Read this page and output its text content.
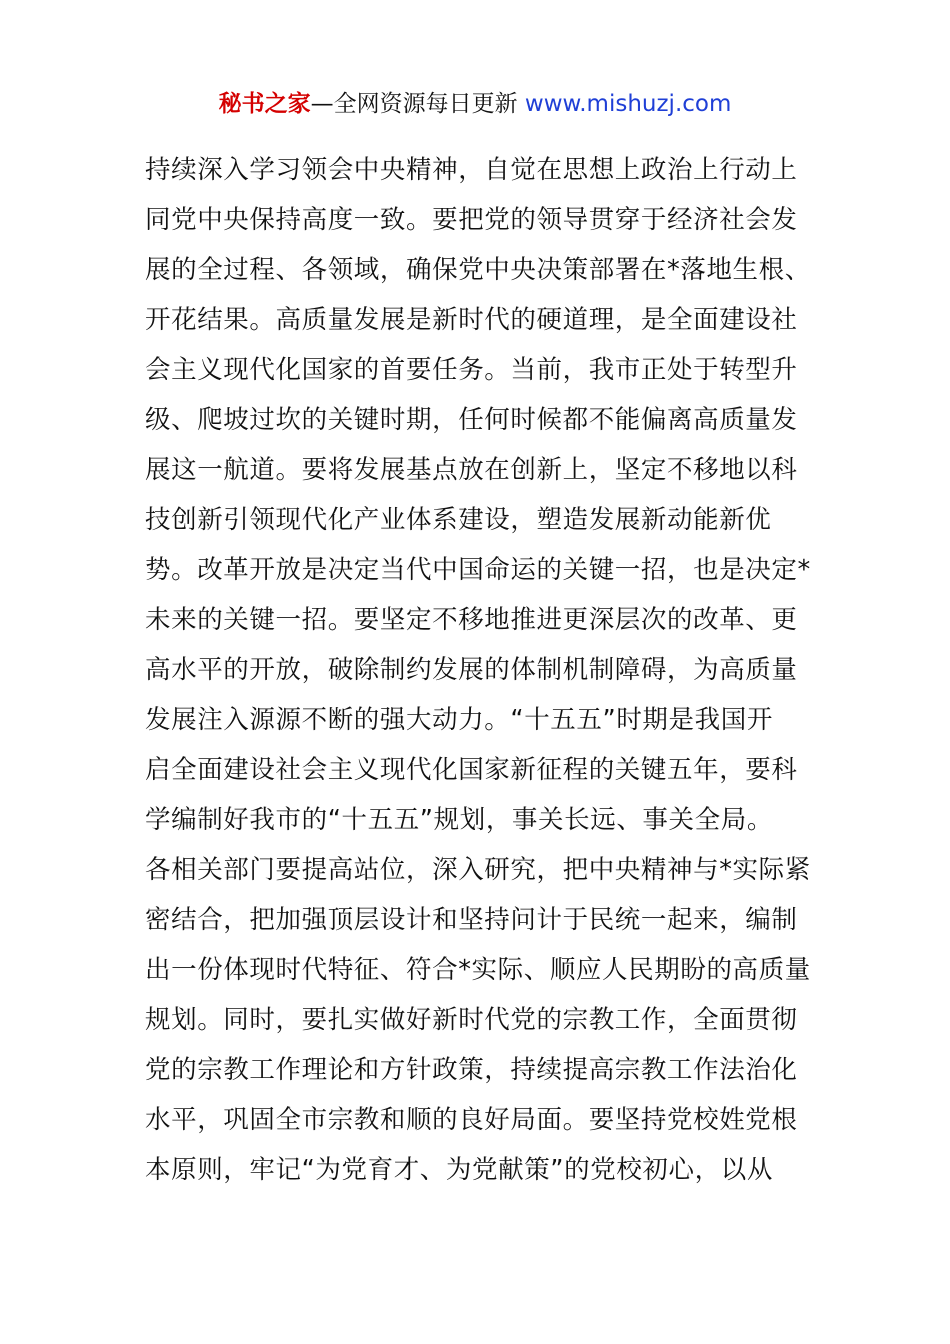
秘书之家—全网资源每日更新 www.mishuzj.com
持续深入学习领会中央精神，自觉在思想上政治上行动上
同党中央保持高度一致。要把党的领导贯穿于经济社会发
展的全过程、各领域，确保党中央决策部署在*落地生根、
开花结果。高质量发展是新时代的硬道理，是全面建设社
会主义现代化国家的首要任务。当前，我市正处于转型升
级、爬坡过坎的关键时期，任何时候都不能偏离高质量发
展这一航道。要将发展基点放在创新上，坚定不移地以科
技创新引领现代化产业体系建设，塑造发展新动能新优
势。改革开放是决定当代中国命运的关键一招，也是决定*
未来的关键一招。要坚定不移地推进更深层次的改革、更
高水平的开放，破除制约发展的体制机制障碍，为高质量
发展注入源源不断的强大动力。“十五五”时期是我国开
启全面建设社会主义现代化国家新征程的关键五年，要科
学编制好我市的“十五五”规划，事关长远、事关全局。
各相关部门要提高站位，深入研究，把中央精神与*实际紧
密结合，把加强顶层设计和坚持问计于民统一起来，编制
出一份体现时代特征、符合*实际、顺应人民期盼的高质量
规划。同时，要扎实做好新时代党的宗教工作，全面贯彻
党的宗教工作理论和方针政策，持续提高宗教工作法治化
水平，巩固全市宗教和顺的良好局面。要坚持党校姓党根
本原则，牢记“为党育才、为党献策”的党校初心，以从
